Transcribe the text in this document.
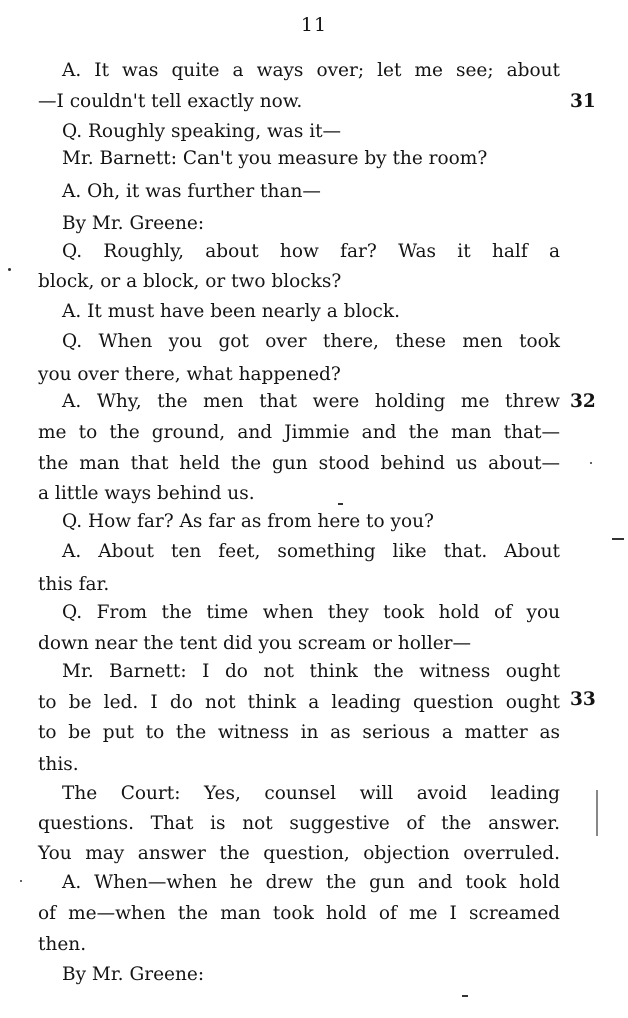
11
A. It was quite a ways over; let me see; about
—I couldn't tell exactly now.
Q. Roughly speaking, was it—
Mr. Barnett: Can't you measure by the room?
A. Oh, it was further than—
By Mr. Greene:
Q. Roughly, about how far? Was it half a
block, or a block, or two blocks?
A. It must have been nearly a block.
Q. When you got over there, these men took
you over there, what happened?
A. Why, the men that were holding me threw
me to the ground, and Jimmie and the man that—
the man that held the gun stood behind us about—
a little ways behind us.
Q. How far? As far as from here to you?
A. About ten feet, something like that. About
this far.
Q. From the time when they took hold of you
down near the tent did you scream or holler—
Mr. Barnett: I do not think the witness ought
to be led. I do not think a leading question ought
to be put to the witness in as serious a matter as
this.
The Court: Yes, counsel will avoid leading
questions. That is not suggestive of the answer.
You may answer the question, objection overruled.
A. When—when he drew the gun and took hold
of me—when the man took hold of me I screamed
then.
By Mr. Greene:
31
32
33
